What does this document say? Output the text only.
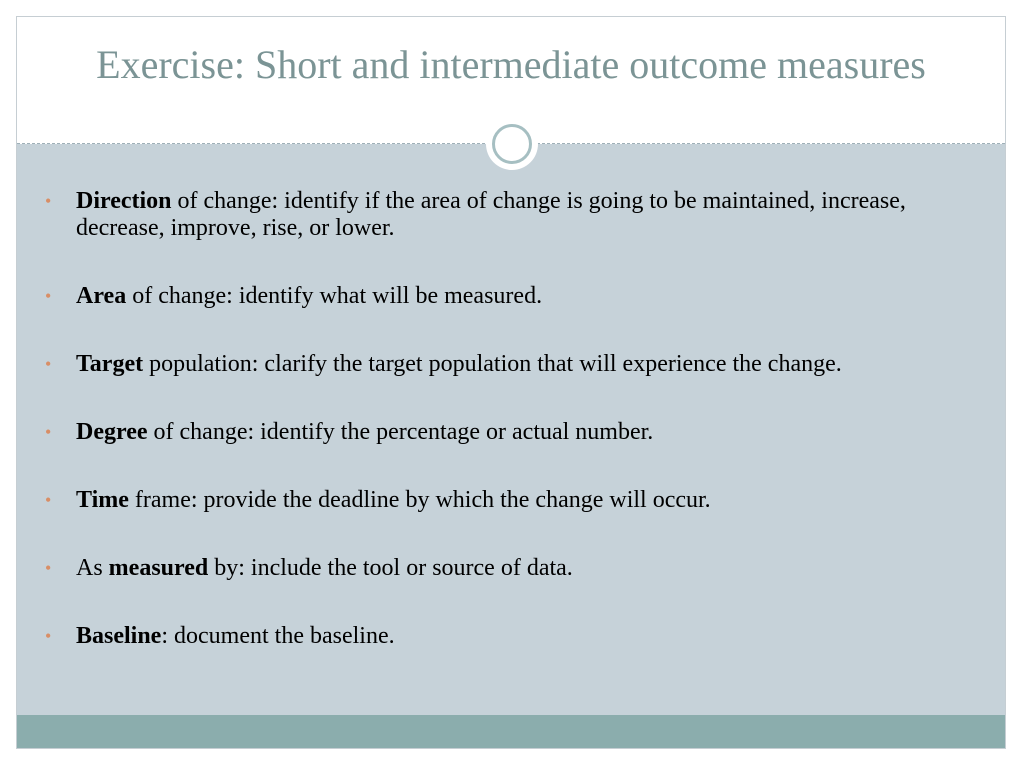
Exercise: Short and intermediate outcome measures
• Direction of change: identify if the area of change is going to be maintained, increase, decrease, improve, rise, or lower.
• Area of change: identify what will be measured.
• Target population: clarify the target population that will experience the change.
• Degree of change: identify the percentage or actual number.
• Time frame: provide the deadline by which the change will occur.
• As measured by: include the tool or source of data.
• Baseline: document the baseline.
